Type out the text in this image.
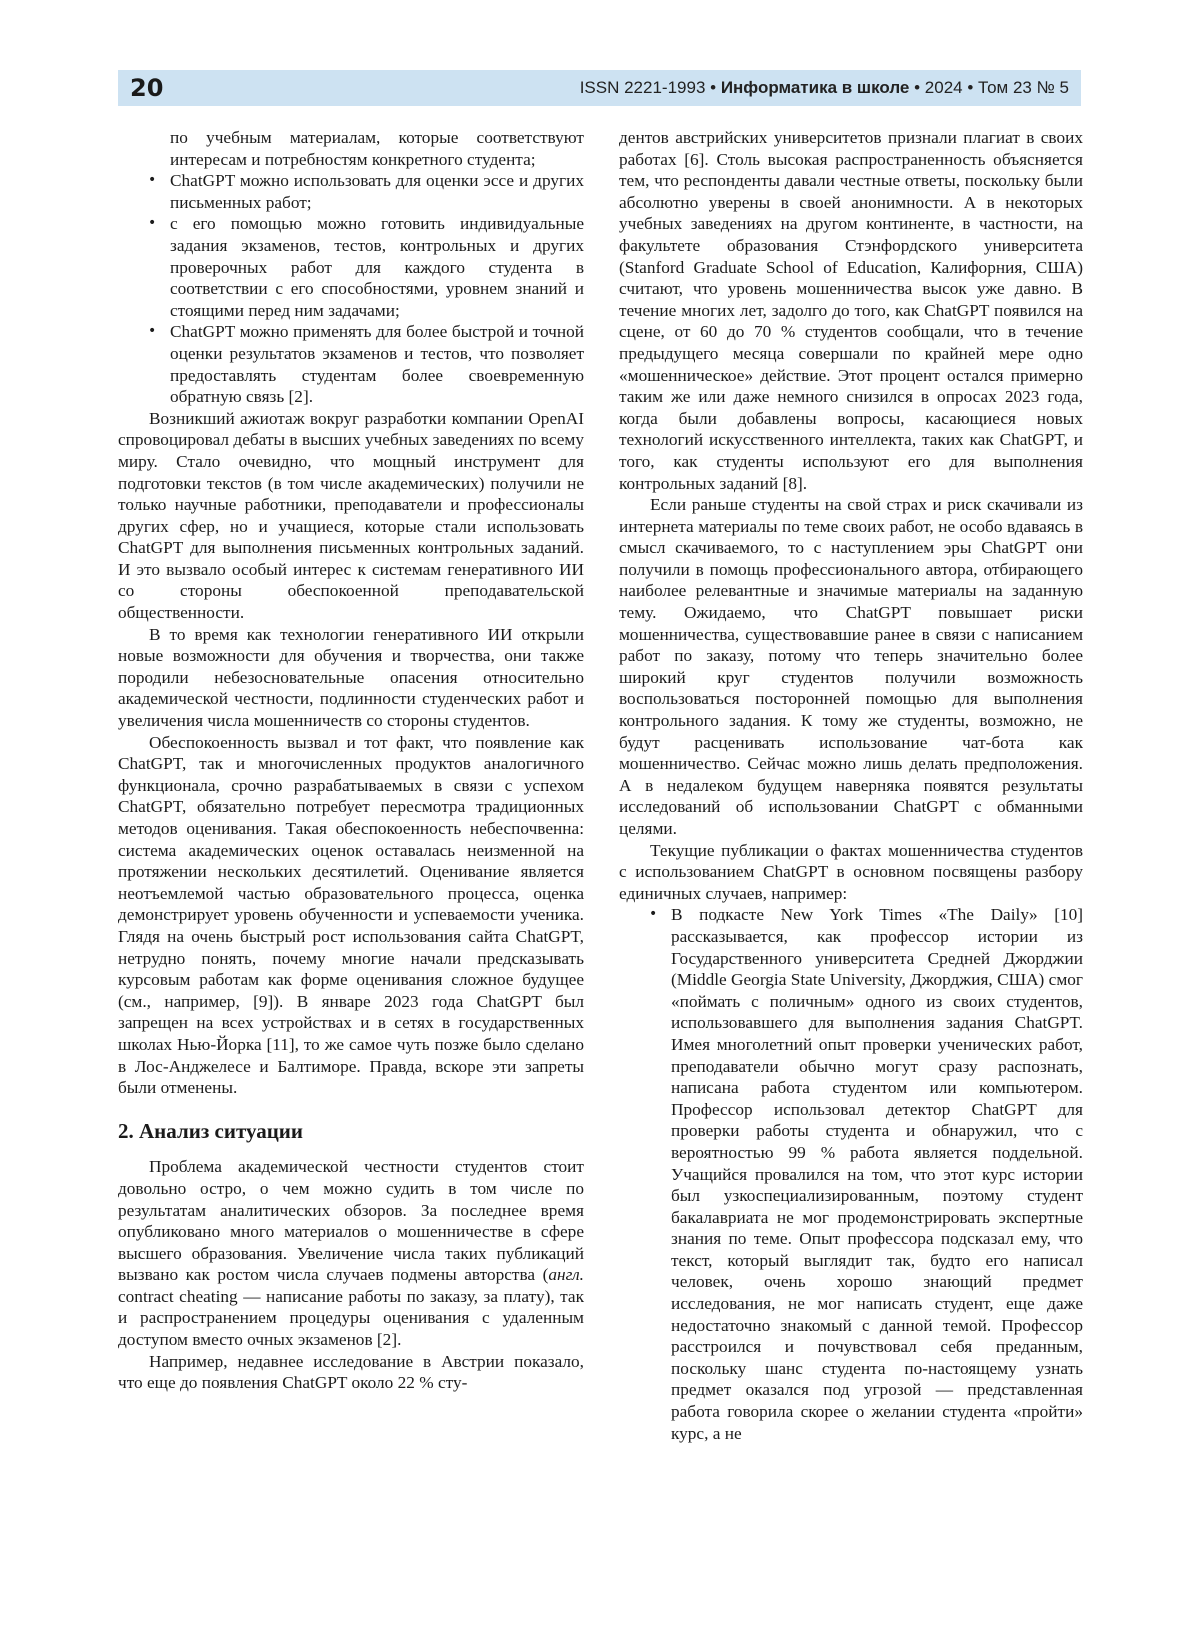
20	ISSN 2221-1993 • Информатика в школе • 2024 • Том 23 № 5
по учебным материалам, которые соответствуют интересам и потребностям конкретного студента;
• ChatGPT можно использовать для оценки эссе и других письменных работ;
• с его помощью можно готовить индивидуальные задания экзаменов, тестов, контрольных и других проверочных работ для каждого студента в соответствии с его способностями, уровнем знаний и стоящими перед ним задачами;
• ChatGPT можно применять для более быстрой и точной оценки результатов экзаменов и тестов, что позволяет предоставлять студентам более своевременную обратную связь [2].

Возникший ажиотаж вокруг разработки компании OpenAI спровоцировал дебаты в высших учебных заведениях по всему миру. Стало очевидно, что мощный инструмент для подготовки текстов (в том числе академических) получили не только научные работники, преподаватели и профессионалы других сфер, но и учащиеся, которые стали использовать ChatGPT для выполнения письменных контрольных заданий. И это вызвало особый интерес к системам генеративного ИИ со стороны обеспокоенной преподавательской общественности.

В то время как технологии генеративного ИИ открыли новые возможности для обучения и творчества, они также породили небезосновательные опасения относительно академической честности, подлинности студенческих работ и увеличения числа мошенничеств со стороны студентов.

Обеспокоенность вызвал и тот факт, что появление как ChatGPT, так и многочисленных продуктов аналогичного функционала, срочно разрабатываемых в связи с успехом ChatGPT, обязательно потребует пересмотра традиционных методов оценивания. Такая обеспокоенность небеспочвенна: система академических оценок оставалась неизменной на протяжении нескольких десятилетий. Оценивание является неотъемлемой частью образовательного процесса, оценка демонстрирует уровень обученности и успеваемости ученика. Глядя на очень быстрый рост использования сайта ChatGPT, нетрудно понять, почему многие начали предсказывать курсовым работам как форме оценивания сложное будущее (см., например, [9]). В январе 2023 года ChatGPT был запрещен на всех устройствах и в сетях в государственных школах Нью-Йорка [11], то же самое чуть позже было сделано в Лос-Анджелесе и Балтиморе. Правда, вскоре эти запреты были отменены.

2. Анализ ситуации

Проблема академической честности студентов стоит довольно остро, о чем можно судить в том числе по результатам аналитических обзоров. За последнее время опубликовано много материалов о мошенничестве в сфере высшего образования. Увеличение числа таких публикаций вызвано как ростом числа случаев подмены авторства (англ. contract cheating — написание работы по заказу, за плату), так и распространением процедуры оценивания с удаленным доступом вместо очных экзаменов [2].

Например, недавнее исследование в Австрии показало, что еще до появления ChatGPT около 22 % сту-

дентов австрийских университетов признали плагиат в своих работах [6]. Столь высокая распространенность объясняется тем, что респонденты давали честные ответы, поскольку были абсолютно уверены в своей анонимности. А в некоторых учебных заведениях на другом континенте, в частности, на факультете образования Стэнфордского университета (Stanford Graduate School of Education, Калифорния, США) считают, что уровень мошенничества высок уже давно. В течение многих лет, задолго до того, как ChatGPT появился на сцене, от 60 до 70 % студентов сообщали, что в течение предыдущего месяца совершали по крайней мере одно «мошенническое» действие. Этот процент остался примерно таким же или даже немного снизился в опросах 2023 года, когда были добавлены вопросы, касающиеся новых технологий искусственного интеллекта, таких как ChatGPT, и того, как студенты используют его для выполнения контрольных заданий [8].

Если раньше студенты на свой страх и риск скачивали из интернета материалы по теме своих работ, не особо вдаваясь в смысл скачиваемого, то с наступлением эры ChatGPT они получили в помощь профессионального автора, отбирающего наиболее релевантные и значимые материалы на заданную тему. Ожидаемо, что ChatGPT повышает риски мошенничества, существовавшие ранее в связи с написанием работ по заказу, потому что теперь значительно более широкий круг студентов получили возможность воспользоваться посторонней помощью для выполнения контрольного задания. К тому же студенты, возможно, не будут расценивать использование чат-бота как мошенничество. Сейчас можно лишь делать предположения. А в недалеком будущем наверняка появятся результаты исследований об использовании ChatGPT с обманными целями.

Текущие публикации о фактах мошенничества студентов с использованием ChatGPT в основном посвящены разбору единичных случаев, например:

• В подкасте New York Times «The Daily» [10] рассказывается, как профессор истории из Государственного университета Средней Джорджии (Middle Georgia State University, Джорджия, США) смог «поймать с поличным» одного из своих студентов, использовавшего для выполнения задания ChatGPT. Имея многолетний опыт проверки ученических работ, преподаватели обычно могут сразу распознать, написана работа студентом или компьютером. Профессор использовал детектор ChatGPT для проверки работы студента и обнаружил, что с вероятностью 99 % работа является поддельной. Учащийся провалился на том, что этот курс истории был узкоспециализированным, поэтому студент бакалавриата не мог продемонстрировать экспертные знания по теме. Опыт профессора подсказал ему, что текст, который выглядит так, будто его написал человек, очень хорошо знающий предмет исследования, не мог написать студент, еще даже недостаточно знакомый с данной темой. Профессор расстроился и почувствовал себя преданным, поскольку шанс студента по-настоящему узнать предмет оказался под угрозой — представленная работа говорила скорее о желании студента «пройти» курс, а не
